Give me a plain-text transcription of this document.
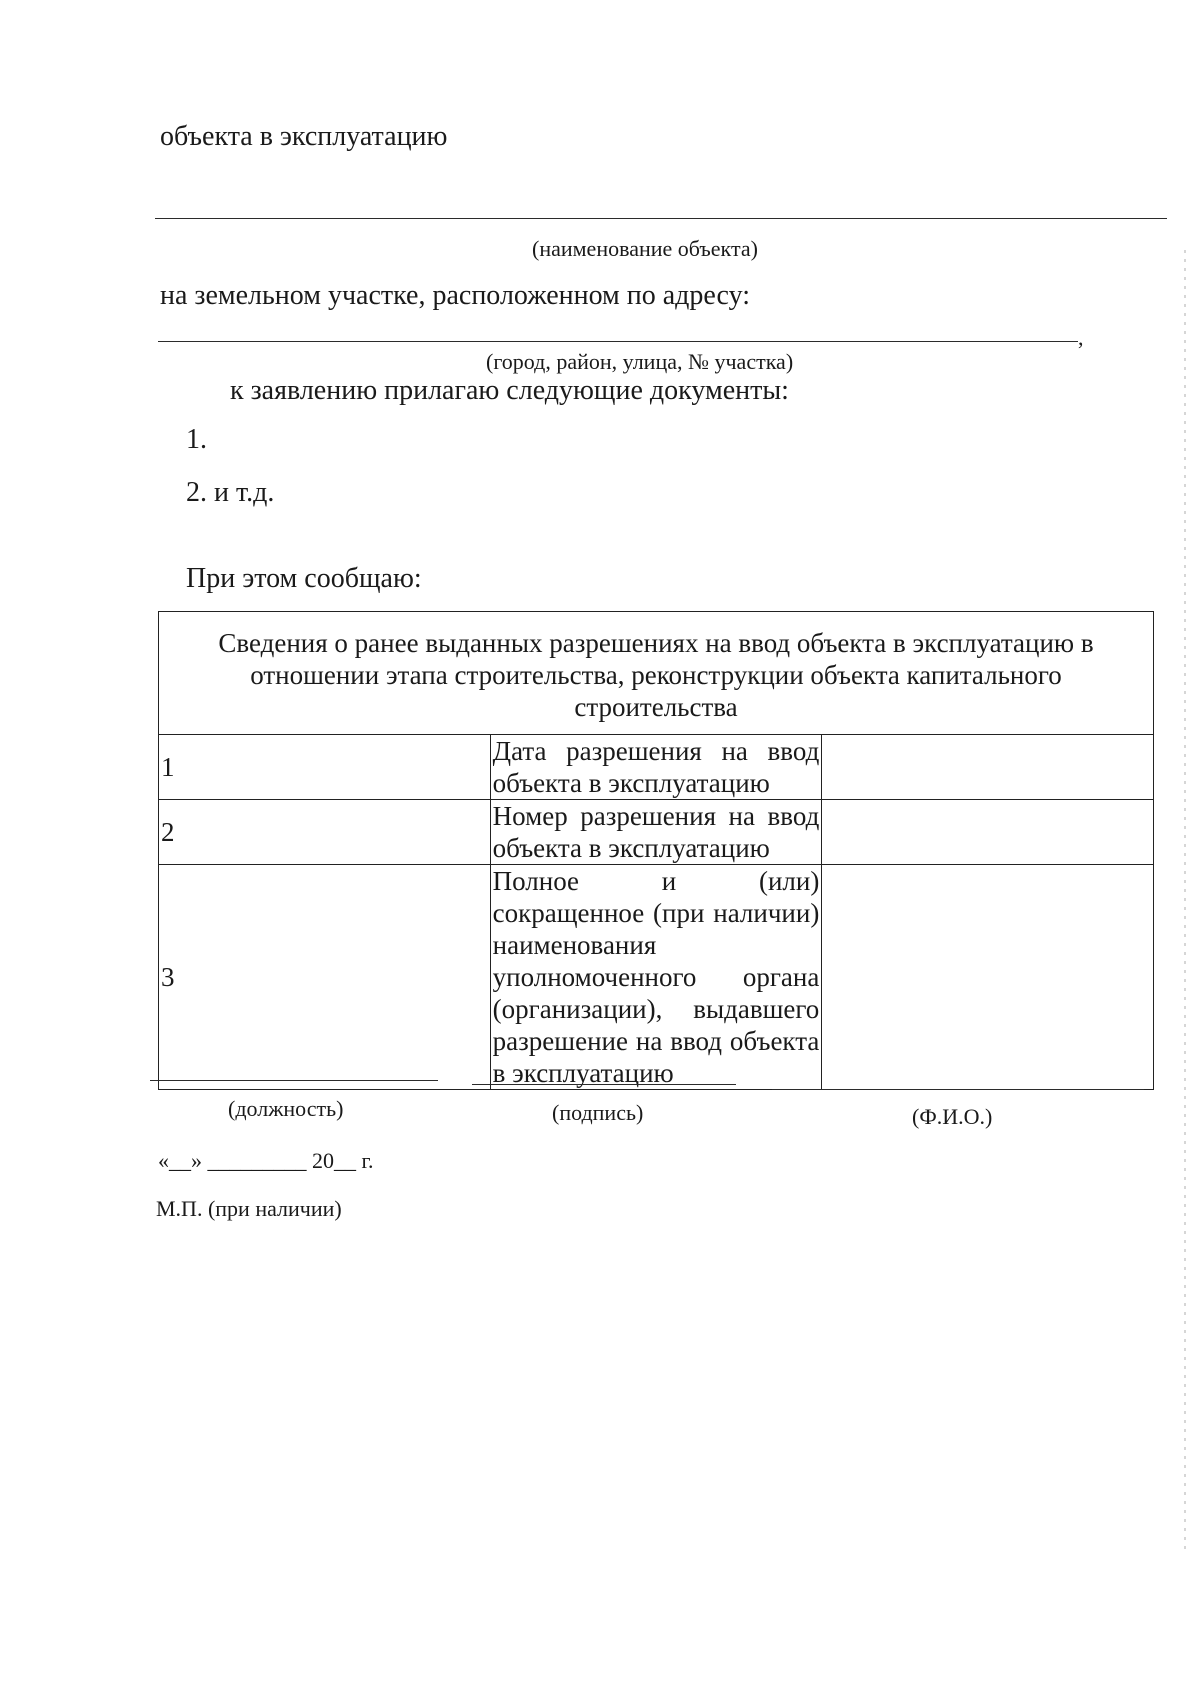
объекта в эксплуатацию
(наименование объекта)
на земельном участке, расположенном по адресу:
,
(город, район, улица, № участка)
к заявлению прилагаю следующие документы:
1.
2. и т.д.
При этом сообщаю:
Сведения о ранее выданных разрешениях на ввод объекта в эксплуатацию в отношении этапа строительства, реконструкции объекта капитального строительства		
1	Дата разрешения на ввод объекта в эксплуатацию	
2	Номер разрешения на ввод объекта в эксплуатацию	
3	Полное и (или) сокращенное (при наличии) наименования уполномоченного органа (организации), выдавшего разрешение на ввод объекта в эксплуатацию	
(должность)	(подпись)	(Ф.И.О.)
«__» _________ 20__ г.
М.П. (при наличии)
